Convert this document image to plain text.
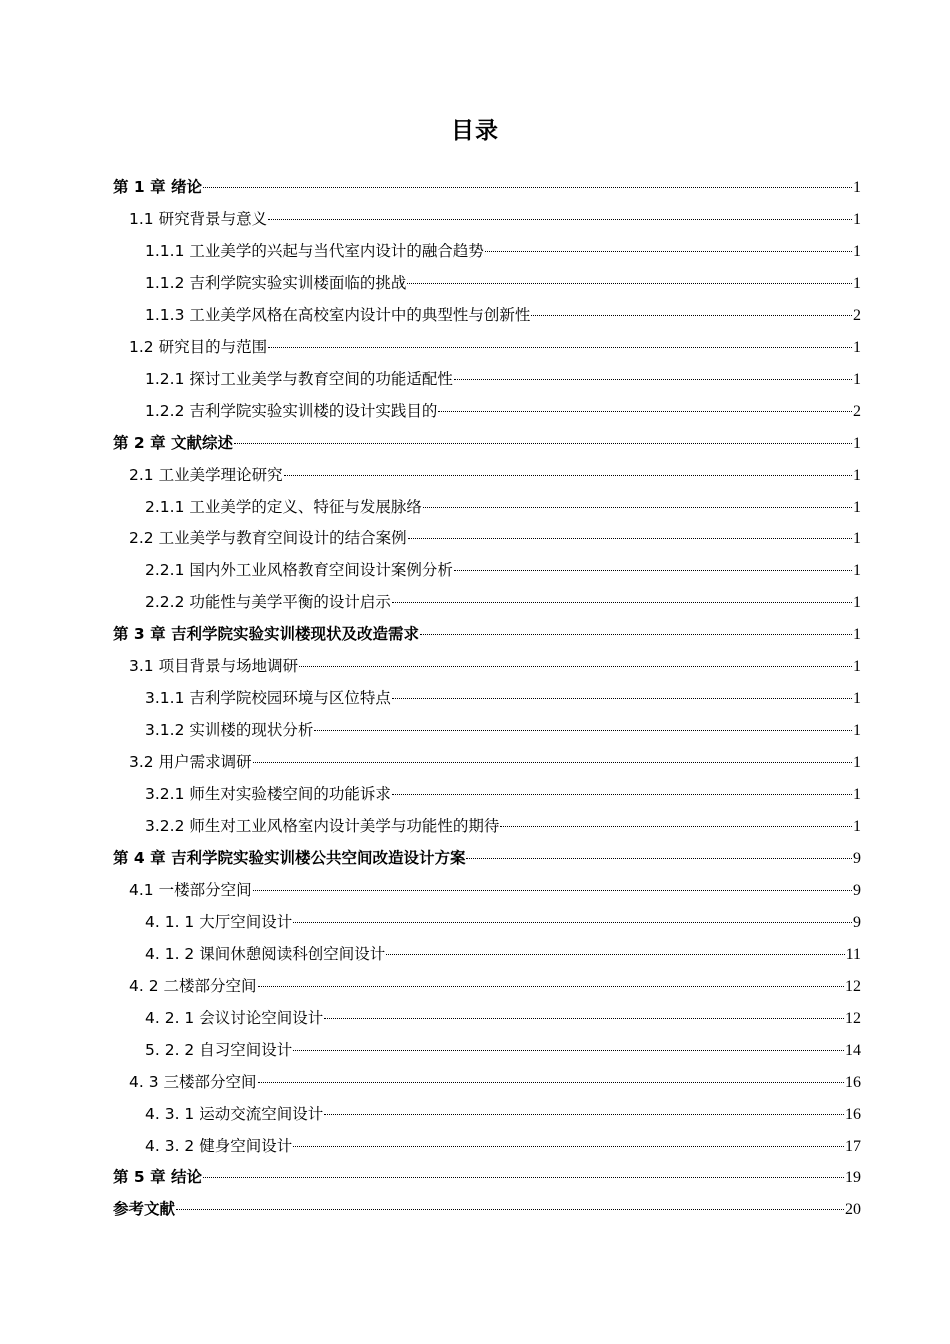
目录
第 1 章 绪论	1
1.1 研究背景与意义	1
1.1.1 工业美学的兴起与当代室内设计的融合趋势	1
1.1.2 吉利学院实验实训楼面临的挑战	1
1.1.3 工业美学风格在高校室内设计中的典型性与创新性	2
1.2 研究目的与范围	1
1.2.1 探讨工业美学与教育空间的功能适配性	1
1.2.2 吉利学院实验实训楼的设计实践目的	2
第 2 章 文献综述	1
2.1 工业美学理论研究	1
2.1.1 工业美学的定义、特征与发展脉络	1
2.2 工业美学与教育空间设计的结合案例	1
2.2.1 国内外工业风格教育空间设计案例分析	1
2.2.2 功能性与美学平衡的设计启示	1
第 3 章 吉利学院实验实训楼现状及改造需求	1
3.1 项目背景与场地调研	1
3.1.1 吉利学院校园环境与区位特点	1
3.1.2 实训楼的现状分析	1
3.2 用户需求调研	1
3.2.1 师生对实验楼空间的功能诉求	1
3.2.2 师生对工业风格室内设计美学与功能性的期待	1
第 4 章 吉利学院实验实训楼公共空间改造设计方案	9
4.1 一楼部分空间	9
4. 1. 1 大厅空间设计	9
4. 1. 2 课间休憩阅读科创空间设计	11
4. 2 二楼部分空间	12
4. 2. 1 会议讨论空间设计	12
5. 2. 2 自习空间设计	14
4. 3 三楼部分空间	16
4. 3. 1 运动交流空间设计	16
4. 3. 2 健身空间设计	17
第 5 章 结论	19
参考文献	20
